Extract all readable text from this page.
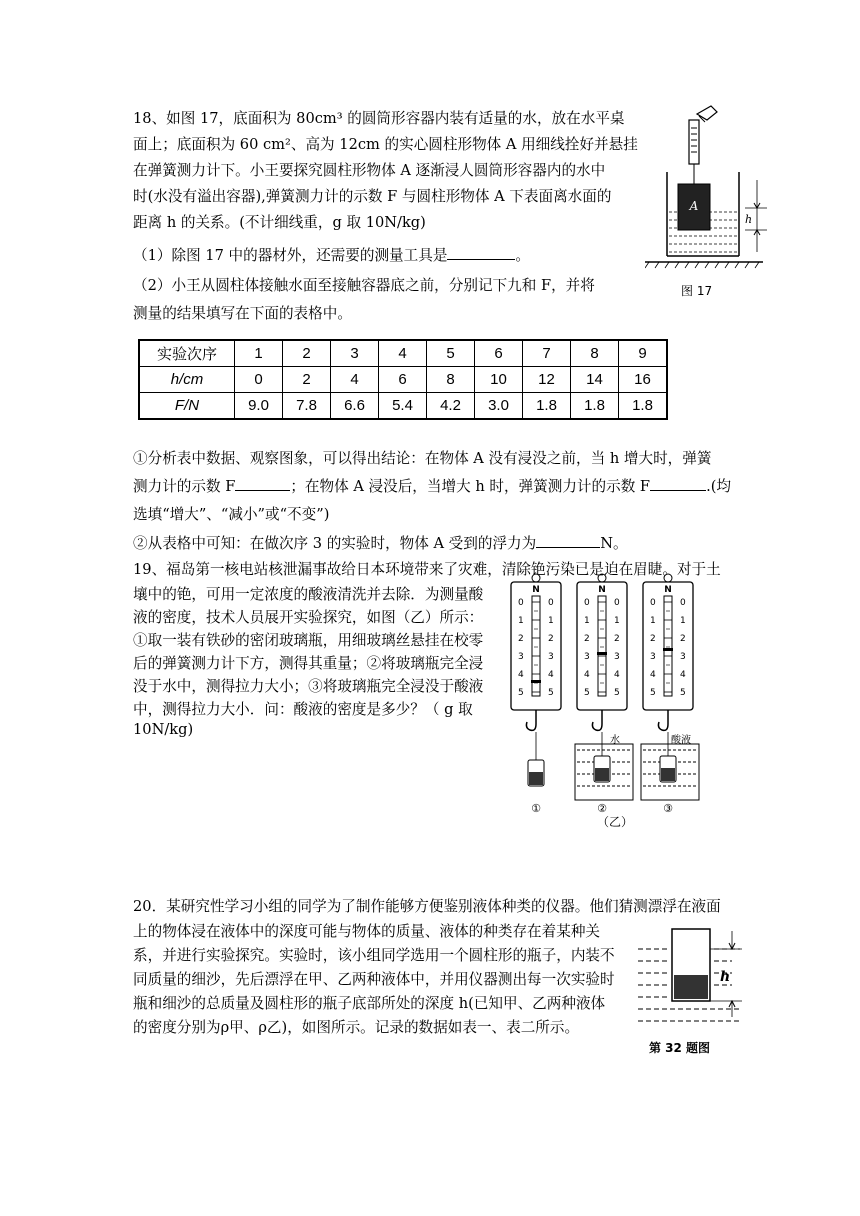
18、如图 17，底面积为 80cm³ 的圆筒形容器内装有适量的水，放在水平桌

面上；底面积为 60 cm²、高为 12cm 的实心圆柱形物体 A 用细线拴好并悬挂

在弹簧测力计下。小王要探究圆柱形物体 A 逐渐浸人圆筒形容器内的水中

时(水没有溢出容器),弹簧测力计的示数 F 与圆柱形物体 A 下表面离水面的

距离 h 的关系。(不计细线重，g 取 10N/kg)

（1）除图 17 中的器材外，还需要的测量工具是	。

（2）小王从圆柱体接触水面至接触容器底之前，分别记下九和 F，并将

测量的结果填写在下面的表格中。

A
h
图 17
实验次序	1	2	3	4	5	6	7	8	9
h/cm	0	2	4	6	8	10	12	14	16
F/N	9.0	7.8	6.6	5.4	4.2	3.0	1.8	1.8	1.8

①分析表中数据、观察图象，可以得出结论：在物体 A 没有浸没之前，当 h 增大时，弹簧

测力计的示数 F	；在物体 A 浸没后，当增大 h 时，弹簧测力计的示数 F	.(均

选填“增大”、“减小”或“不变”)

②从表格中可知：在做次序 3 的实验时，物体 A 受到的浮力为	N。

19、福岛第一核电站核泄漏事故给日本环境带来了灾难，清除铯污染已是迫在眉睫。对于土

壤中的铯，可用一定浓度的酸液清洗并去除．为测量酸

液的密度，技术人员展开实验探究，如图（乙）所示：

①取一装有铁砂的密闭玻璃瓶，用细玻璃丝悬挂在校零

后的弹簧测力计下方，测得其重量；②将玻璃瓶完全浸

没于水中，测得拉力大小；③将玻璃瓶完全浸没于酸液

中，测得拉力大小．问：酸液的密度是多少？（ g 取

10N/kg)

N	N
水
N
酸液
①	②	③
0	0
1	1
2	2
3	3
4	4
5	5
0	0
1	1
2	2
3	3
4	4
5	5
0	0
1	1
2	2
3	3
4	4
5	5
（乙）

20．某研究性学习小组的同学为了制作能够方便鉴别液体种类的仪器。他们猜测漂浮在液面

上的物体浸在液体中的深度可能与物体的质量、液体的种类存在着某种关

系，并进行实验探究。实验时，该小组同学选用一个圆柱形的瓶子，内装不

同质量的细沙，先后漂浮在甲、乙两种液体中，并用仪器测出每一次实验时

瓶和细沙的总质量及圆柱形的瓶子底部所处的深度 h(已知甲、乙两种液体

的密度分别为ρ甲、ρ乙)，如图所示。记录的数据如表一、表二所示。

h
第 32 题图
